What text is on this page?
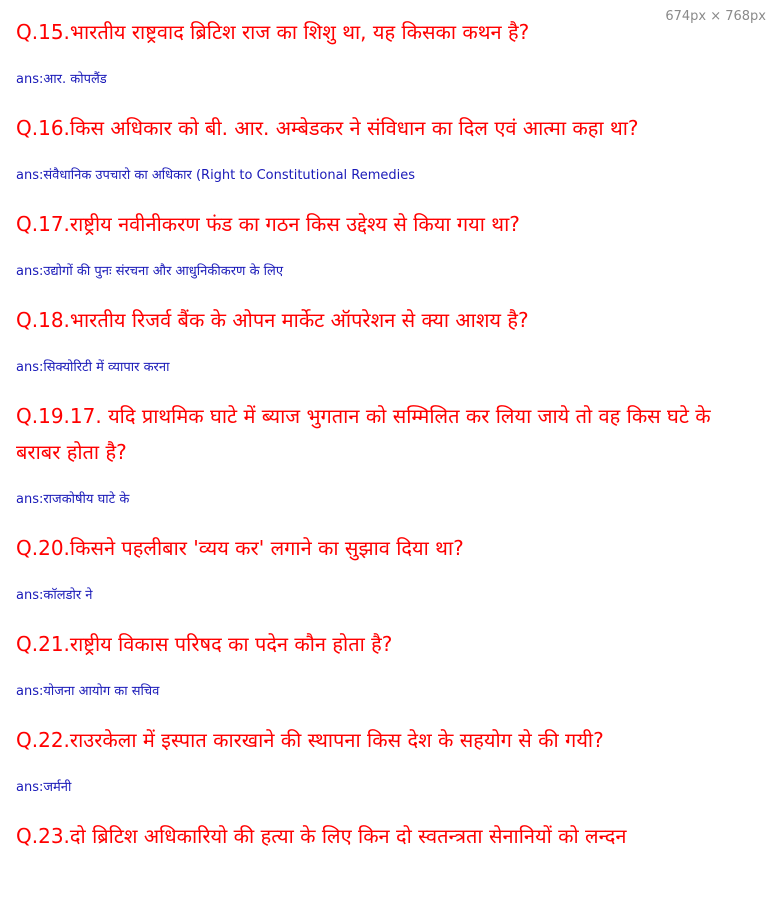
674px × 768px

Q.15.भारतीय राष्ट्रवाद ब्रिटिश राज का शिशु था, यह किसका कथन है?

ans:आर. कोपलैंड

Q.16.किस अधिकार को बी. आर. अम्बेडकर ने संविधान का दिल एवं आत्मा कहा था?

ans:संवैधानिक उपचारो का अधिकार (Right to Constitutional Remedies

Q.17.राष्ट्रीय नवीनीकरण फंड का गठन किस उद्देश्य से किया गया था?

ans:उद्योगों की पुनः संरचना और आधुनिकीकरण के लिए

Q.18.भारतीय रिजर्व बैंक के ओपन मार्केट ऑपरेशन से क्या आशय है?

ans:सिक्योरिटी में व्यापार करना

Q.19.17. यदि प्राथमिक घाटे में ब्याज भुगतान को सम्मिलित कर लिया जाये तो वह किस घटे के बराबर होता है?

ans:राजकोषीय घाटे के

Q.20.किसने पहलीबार 'व्यय कर' लगाने का सुझाव दिया था?

ans:कॉलडोर ने

Q.21.राष्ट्रीय विकास परिषद का पदेन कौन होता है?

ans:योजना आयोग का सचिव

Q.22.राउरकेला में इस्पात कारखाने की स्थापना किस देश के सहयोग से की गयी?

ans:जर्मनी

Q.23.दो ब्रिटिश अधिकारियो की हत्या के लिए किन दो स्वतन्त्रता सेनानियों को लन्दन
